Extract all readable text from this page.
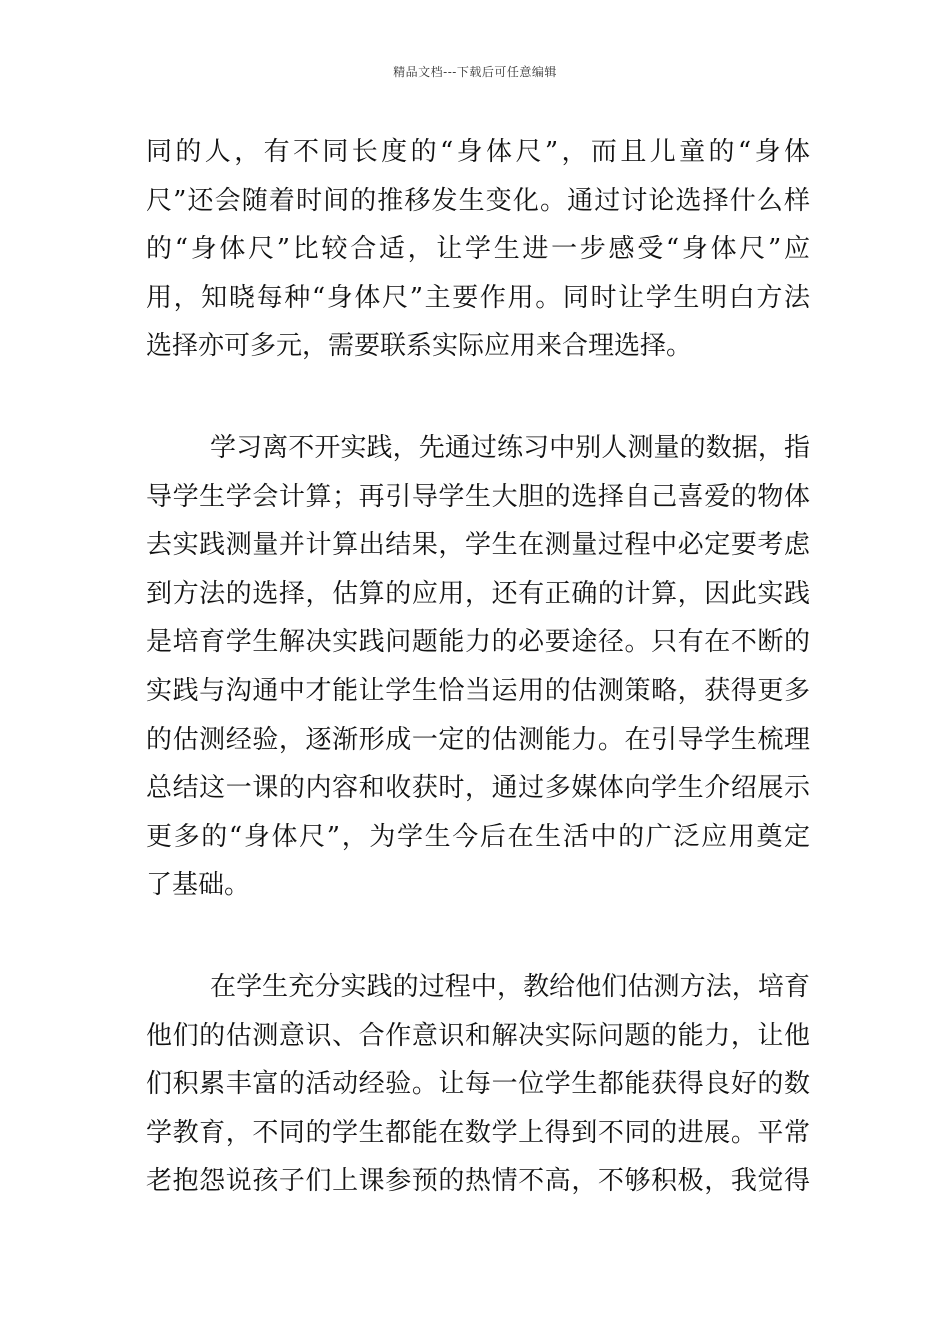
精品文档---下载后可任意编辑
同的人，有不同长度的“身体尺”，而且儿童的“身体
尺”还会随着时间的推移发生变化。通过讨论选择什么样
的“身体尺”比较合适，让学生进一步感受“身体尺”应
用，知晓每种“身体尺”主要作用。同时让学生明白方法
选择亦可多元，需要联系实际应用来合理选择。
学习离不开实践，先通过练习中别人测量的数据，指
导学生学会计算；再引导学生大胆的选择自己喜爱的物体
去实践测量并计算出结果，学生在测量过程中必定要考虑
到方法的选择，估算的应用，还有正确的计算，因此实践
是培育学生解决实践问题能力的必要途径。只有在不断的
实践与沟通中才能让学生恰当运用的估测策略，获得更多
的估测经验，逐渐形成一定的估测能力。在引导学生梳理
总结这一课的内容和收获时，通过多媒体向学生介绍展示
更多的“身体尺”，为学生今后在生活中的广泛应用奠定
了基础。
在学生充分实践的过程中，教给他们估测方法，培育
他们的估测意识、合作意识和解决实际问题的能力，让他
们积累丰富的活动经验。让每一位学生都能获得良好的数
学教育，不同的学生都能在数学上得到不同的进展。平常
老抱怨说孩子们上课参预的热情不高，不够积极，我觉得
